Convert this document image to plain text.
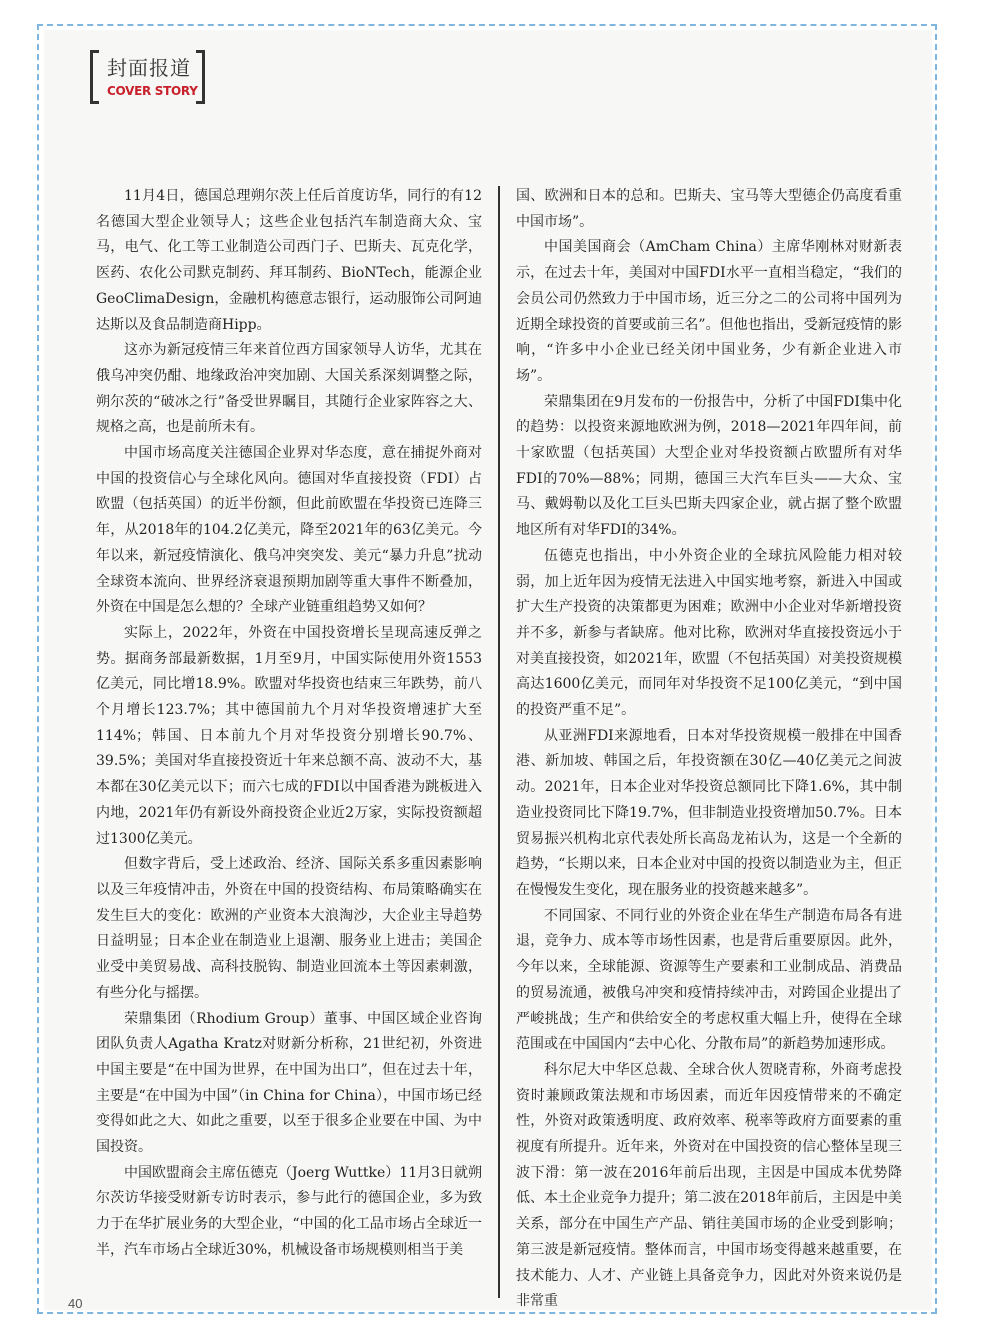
封面报道
COVER STORY

11月4日，德国总理朔尔茨上任后首度访华，同行的有12名德国大型企业领导人；这些企业包括汽车制造商大众、宝马，电气、化工等工业制造公司西门子、巴斯夫、瓦克化学，医药、农化公司默克制药、拜耳制药、BioNTech，能源企业GeoClimaDesign，金融机构德意志银行，运动服饰公司阿迪达斯以及食品制造商Hipp。

这亦为新冠疫情三年来首位西方国家领导人访华，尤其在俄乌冲突仍酣、地缘政治冲突加剧、大国关系深刻调整之际，朔尔茨的“破冰之行”备受世界瞩目，其随行企业家阵容之大、规格之高，也是前所未有。

中国市场高度关注德国企业界对华态度，意在捕捉外商对中国的投资信心与全球化风向。德国对华直接投资（FDI）占欧盟（包括英国）的近半份额，但此前欧盟在华投资已连降三年，从2018年的104.2亿美元，降至2021年的63亿美元。今年以来，新冠疫情演化、俄乌冲突突发、美元“暴力升息”扰动全球资本流向、世界经济衰退预期加剧等重大事件不断叠加，外资在中国是怎么想的？全球产业链重组趋势又如何？

实际上，2022年，外资在中国投资增长呈现高速反弹之势。据商务部最新数据，1月至9月，中国实际使用外资1553亿美元，同比增18.9%。欧盟对华投资也结束三年跌势，前八个月增长123.7%；其中德国前九个月对华投资增速扩大至114%；韩国、日本前九个月对华投资分别增长90.7%、39.5%；美国对华直接投资近十年来总额不高、波动不大，基本都在30亿美元以下；而六七成的FDI以中国香港为跳板进入内地，2021年仍有新设外商投资企业近2万家，实际投资额超过1300亿美元。

但数字背后，受上述政治、经济、国际关系多重因素影响以及三年疫情冲击，外资在中国的投资结构、布局策略确实在发生巨大的变化：欧洲的产业资本大浪淘沙，大企业主导趋势日益明显；日本企业在制造业上退潮、服务业上进击；美国企业受中美贸易战、高科技脱钩、制造业回流本土等因素刺激，有些分化与摇摆。

荣鼎集团（Rhodium Group）董事、中国区域企业咨询团队负责人Agatha Kratz对财新分析称，21世纪初，外资进中国主要是“在中国为世界，在中国为出口”，但在过去十年，主要是“在中国为中国”（in China for China），中国市场已经变得如此之大、如此之重要，以至于很多企业要在中国、为中国投资。

中国欧盟商会主席伍德克（Joerg Wuttke）11月3日就朔尔茨访华接受财新专访时表示，参与此行的德国企业，多为致力于在华扩展业务的大型企业，“中国的化工品市场占全球近一半，汽车市场占全球近30%，机械设备市场规模则相当于美

国、欧洲和日本的总和。巴斯夫、宝马等大型德企仍高度看重中国市场”。

中国美国商会（AmCham China）主席华刚林对财新表示，在过去十年，美国对中国FDI水平一直相当稳定，“我们的会员公司仍然致力于中国市场，近三分之二的公司将中国列为近期全球投资的首要或前三名”。但他也指出，受新冠疫情的影响，“许多中小企业已经关闭中国业务，少有新企业进入市场”。

荣鼎集团在9月发布的一份报告中，分析了中国FDI集中化的趋势：以投资来源地欧洲为例，2018—2021年四年间，前十家欧盟（包括英国）大型企业对华投资额占欧盟所有对华FDI的70%—88%；同期，德国三大汽车巨头——大众、宝马、戴姆勒以及化工巨头巴斯夫四家企业，就占据了整个欧盟地区所有对华FDI的34%。

伍德克也指出，中小外资企业的全球抗风险能力相对较弱，加上近年因为疫情无法进入中国实地考察，新进入中国或扩大生产投资的决策都更为困难；欧洲中小企业对华新增投资并不多，新参与者缺席。他对比称，欧洲对华直接投资远小于对美直接投资，如2021年，欧盟（不包括英国）对美投资规模高达1600亿美元，而同年对华投资不足100亿美元，“到中国的投资严重不足”。

从亚洲FDI来源地看，日本对华投资规模一般排在中国香港、新加坡、韩国之后，年投资额在30亿—40亿美元之间波动。2021年，日本企业对华投资总额同比下降1.6%，其中制造业投资同比下降19.7%，但非制造业投资增加50.7%。日本贸易振兴机构北京代表处所长高岛龙祐认为，这是一个全新的趋势，“长期以来，日本企业对中国的投资以制造业为主，但正在慢慢发生变化，现在服务业的投资越来越多”。

不同国家、不同行业的外资企业在华生产制造布局各有进退，竞争力、成本等市场性因素，也是背后重要原因。此外，今年以来，全球能源、资源等生产要素和工业制成品、消费品的贸易流通，被俄乌冲突和疫情持续冲击，对跨国企业提出了严峻挑战；生产和供给安全的考虑权重大幅上升，使得在全球范围或在中国国内“去中心化、分散布局”的新趋势加速形成。

科尔尼大中华区总裁、全球合伙人贺晓青称，外商考虑投资时兼顾政策法规和市场因素，而近年因疫情带来的不确定性，外资对政策透明度、政府效率、税率等政府方面要素的重视度有所提升。近年来，外资对在中国投资的信心整体呈现三波下滑：第一波在2016年前后出现，主因是中国成本优势降低、本土企业竞争力提升；第二波在2018年前后，主因是中美关系，部分在中国生产产品、销往美国市场的企业受到影响；第三波是新冠疫情。整体而言，中国市场变得越来越重要，在技术能力、人才、产业链上具备竞争力，因此对外资来说仍是非常重

40
